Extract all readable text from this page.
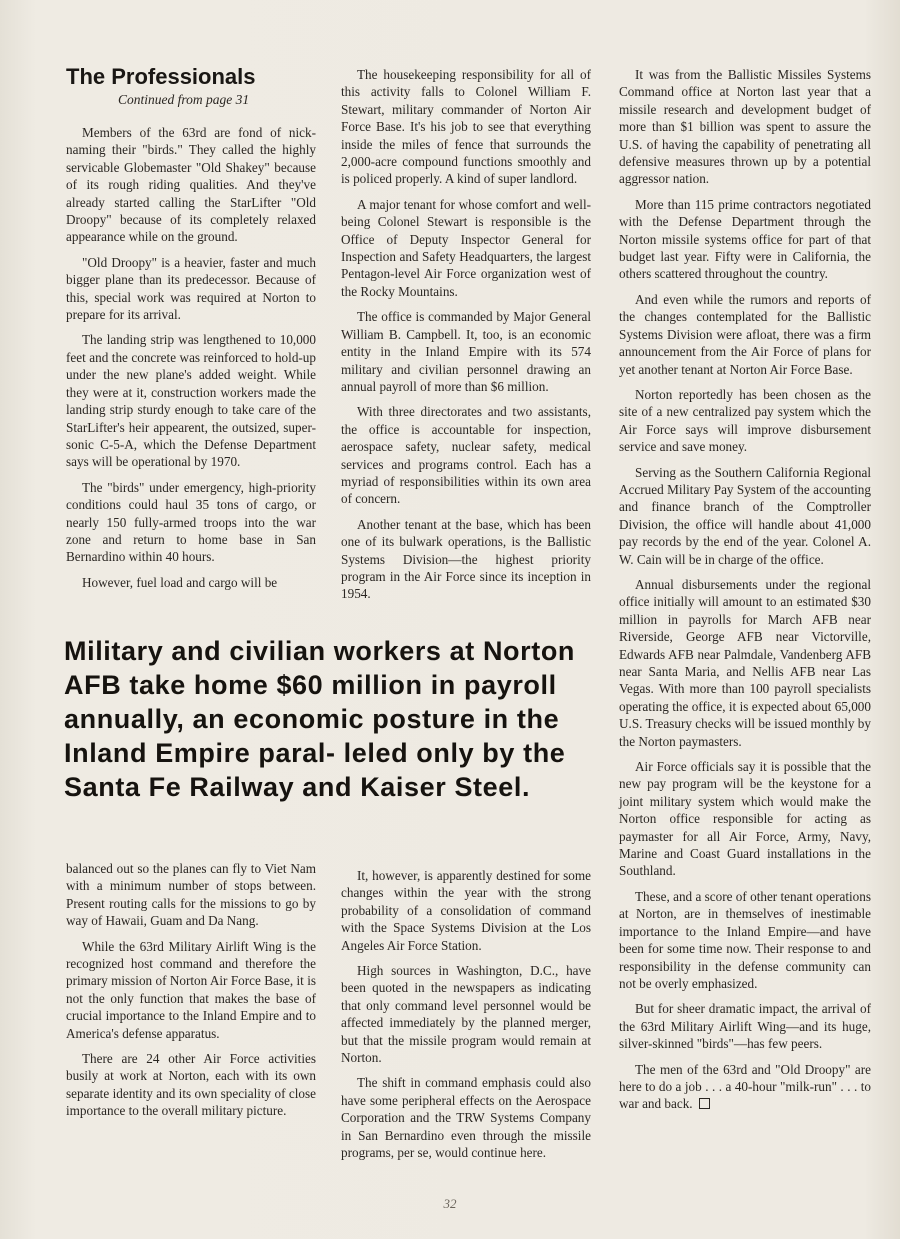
The Professionals
Continued from page 31

Members of the 63rd are fond of nick-naming their "birds." They called the highly servicable Globemaster "Old Shakey" because of its rough riding qualities. And they've already started calling the StarLifter "Old Droopy" because of its completely relaxed appearance while on the ground.

"Old Droopy" is a heavier, faster and much bigger plane than its predecessor. Because of this, special work was required at Norton to prepare for its arrival.

The landing strip was lengthened to 10,000 feet and the concrete was reinforced to hold-up under the new plane's added weight. While they were at it, construction workers made the landing strip sturdy enough to take care of the StarLifter's heir appearent, the outsized, super-sonic C-5-A, which the Defense Department says will be operational by 1970.

The "birds" under emergency, high-priority conditions could haul 35 tons of cargo, or nearly 150 fully-armed troops into the war zone and return to home base in San Bernardino within 40 hours.

However, fuel load and cargo will be

The housekeeping responsibility for all of this activity falls to Colonel William F. Stewart, military commander of Norton Air Force Base. It's his job to see that everything inside the miles of fence that surrounds the 2,000-acre compound functions smoothly and is policed properly. A kind of super landlord.

A major tenant for whose comfort and well-being Colonel Stewart is responsible is the Office of Deputy Inspector General for Inspection and Safety Headquarters, the largest Pentagon-level Air Force organization west of the Rocky Mountains.

The office is commanded by Major General William B. Campbell. It, too, is an economic entity in the Inland Empire with its 574 military and civilian personnel drawing an annual payroll of more than $6 million.

With three directorates and two assistants, the office is accountable for inspection, aerospace safety, nuclear safety, medical services and programs control. Each has a myriad of responsibilities within its own area of concern.

Another tenant at the base, which has been one of its bulwark operations, is the Ballistic Systems Division—the highest priority program in the Air Force since its inception in 1954.

It was from the Ballistic Missiles Systems Command office at Norton last year that a missile research and development budget of more than $1 billion was spent to assure the U.S. of having the capability of penetrating all defensive measures thrown up by a potential aggressor nation.

More than 115 prime contractors negotiated with the Defense Department through the Norton missile systems office for part of that budget last year. Fifty were in California, the others scattered throughout the country.

And even while the rumors and reports of the changes contemplated for the Ballistic Systems Division were afloat, there was a firm announcement from the Air Force of plans for yet another tenant at Norton Air Force Base.

Norton reportedly has been chosen as the site of a new centralized pay system which the Air Force says will improve disbursement service and save money.

Serving as the Southern California Regional Accrued Military Pay System of the accounting and finance branch of the Comptroller Division, the office will handle about 41,000 pay records by the end of the year. Colonel A. W. Cain will be in charge of the office.

Annual disbursements under the regional office initially will amount to an estimated $30 million in payrolls for March AFB near Riverside, George AFB near Victorville, Edwards AFB near Palmdale, Vandenberg AFB near Santa Maria, and Nellis AFB near Las Vegas. With more than 100 payroll specialists operating the office, it is expected about 65,000 U.S. Treasury checks will be issued monthly by the Norton paymasters.

Air Force officials say it is possible that the new pay program will be the keystone for a joint military system which would make the Norton office responsible for acting as paymaster for all Air Force, Army, Navy, Marine and Coast Guard installations in the Southland.

These, and a score of other tenant operations at Norton, are in themselves of inestimable importance to the Inland Empire—and have been for some time now. Their response to and responsibility in the defense community can not be overly emphasized.

But for sheer dramatic impact, the arrival of the 63rd Military Airlift Wing—and its huge, silver-skinned "birds"—has few peers.

The men of the 63rd and "Old Droopy" are here to do a job . . . a 40-hour "milk-run" . . . to war and back.

Military and civilian workers at Norton AFB take home $60 million in payroll annually, an economic posture in the Inland Empire paral- leled only by the Santa Fe Railway and Kaiser Steel.

balanced out so the planes can fly to Viet Nam with a minimum number of stops between. Present routing calls for the missions to go by way of Hawaii, Guam and Da Nang.

While the 63rd Military Airlift Wing is the recognized host command and therefore the primary mission of Norton Air Force Base, it is not the only function that makes the base of crucial importance to the Inland Empire and to America's defense apparatus.

There are 24 other Air Force activities busily at work at Norton, each with its own separate identity and its own speciality of close importance to the overall military picture.

It, however, is apparently destined for some changes within the year with the strong probability of a consolidation of command with the Space Systems Division at the Los Angeles Air Force Station.

High sources in Washington, D.C., have been quoted in the newspapers as indicating that only command level personnel would be affected immediately by the planned merger, but that the missile program would remain at Norton.

The shift in command emphasis could also have some peripheral effects on the Aerospace Corporation and the TRW Systems Company in San Bernardino even through the missile programs, per se, would continue here.

32
